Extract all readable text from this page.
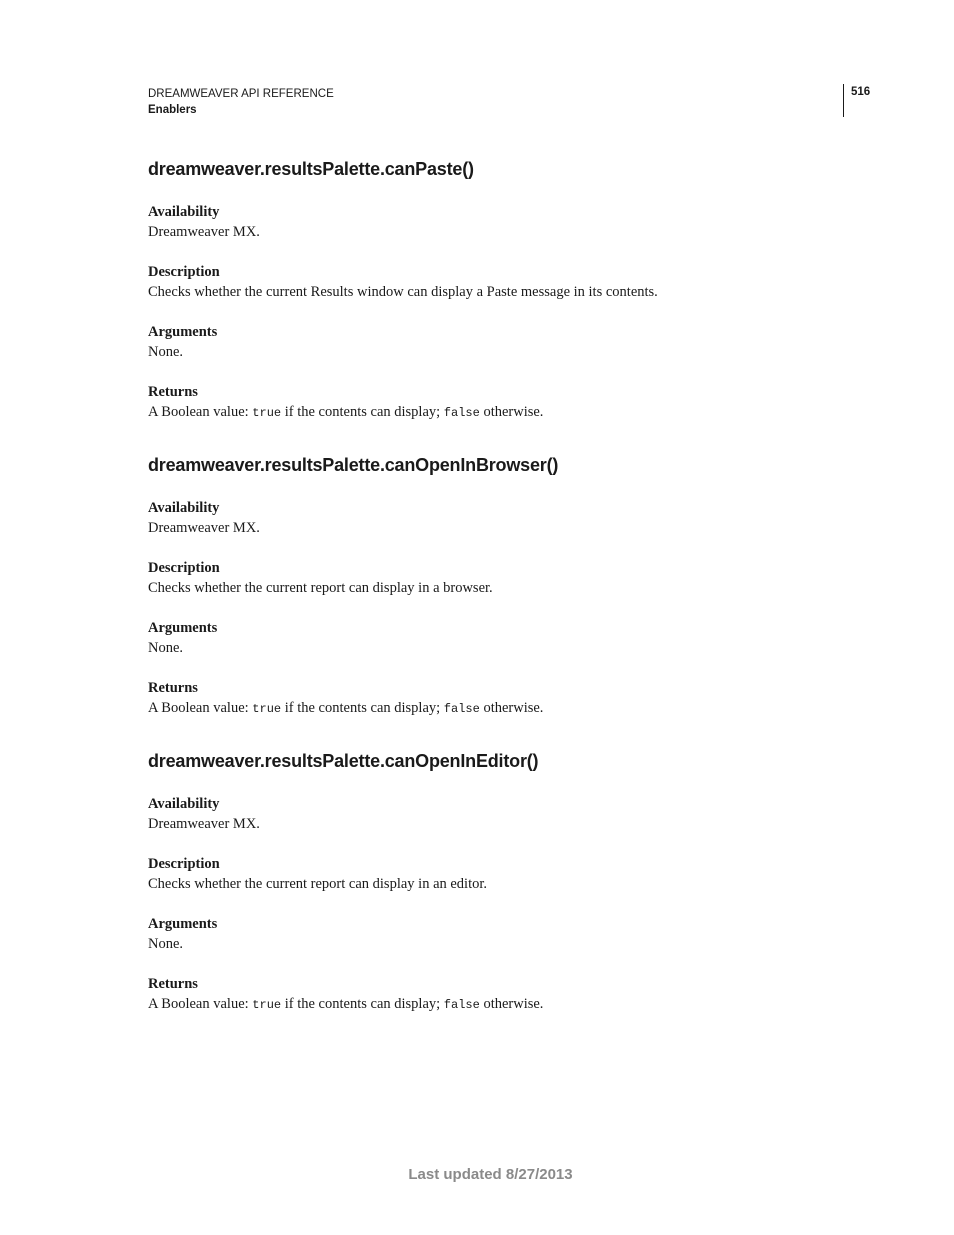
DREAMWEAVER API REFERENCE
Enablers
516
dreamweaver.resultsPalette.canPaste()

Availability

Dreamweaver MX.

Description

Checks whether the current Results window can display a Paste message in its contents.

Arguments

None.

Returns

A Boolean value: true if the contents can display; false otherwise.

dreamweaver.resultsPalette.canOpenInBrowser()

Availability

Dreamweaver MX.

Description

Checks whether the current report can display in a browser.

Arguments

None.

Returns

A Boolean value: true if the contents can display; false otherwise.

dreamweaver.resultsPalette.canOpenInEditor()

Availability

Dreamweaver MX.

Description

Checks whether the current report can display in an editor.

Arguments

None.

Returns

A Boolean value: true if the contents can display; false otherwise.

Last updated 8/27/2013
